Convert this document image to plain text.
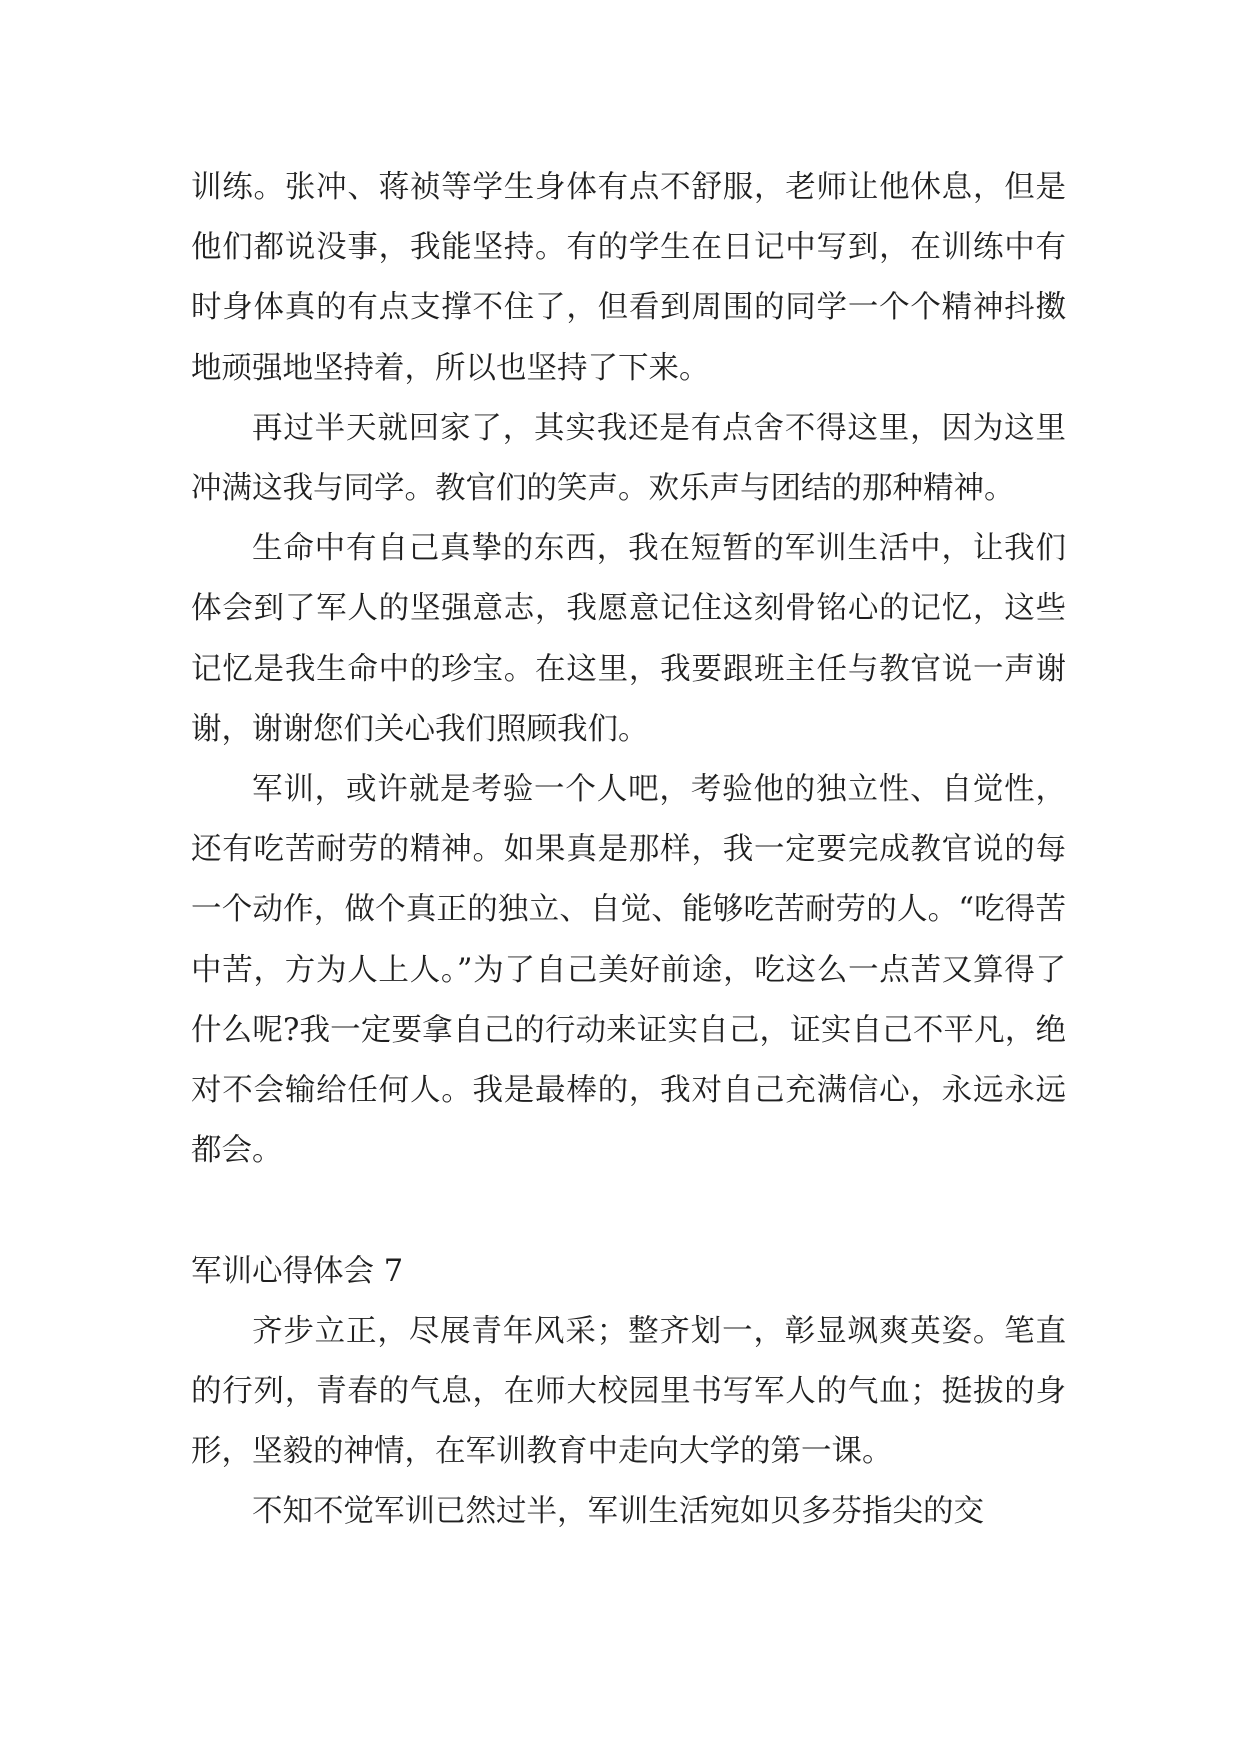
训练。张冲、蒋祯等学生身体有点不舒服，老师让他休息，但是他们都说没事，我能坚持。有的学生在日记中写到，在训练中有时身体真的有点支撑不住了，但看到周围的同学一个个精神抖擞地顽强地坚持着，所以也坚持了下来。

再过半天就回家了，其实我还是有点舍不得这里，因为这里冲满这我与同学。教官们的笑声。欢乐声与团结的那种精神。

生命中有自己真挚的东西，我在短暂的军训生活中，让我们体会到了军人的坚强意志，我愿意记住这刻骨铭心的记忆，这些记忆是我生命中的珍宝。在这里，我要跟班主任与教官说一声谢谢，谢谢您们关心我们照顾我们。

军训，或许就是考验一个人吧，考验他的独立性、自觉性，还有吃苦耐劳的精神。如果真是那样，我一定要完成教官说的每一个动作，做个真正的独立、自觉、能够吃苦耐劳的人。“吃得苦中苦，方为人上人。”为了自己美好前途，吃这么一点苦又算得了什么呢?我一定要拿自己的行动来证实自己，证实自己不平凡，绝对不会输给任何人。我是最棒的，我对自己充满信心，永远永远都会。

军训心得体会 7

齐步立正，尽展青年风采；整齐划一，彰显飒爽英姿。笔直的行列，青春的气息，在师大校园里书写军人的气血；挺拔的身形，坚毅的神情，在军训教育中走向大学的第一课。

不知不觉军训已然过半，军训生活宛如贝多芬指尖的交
